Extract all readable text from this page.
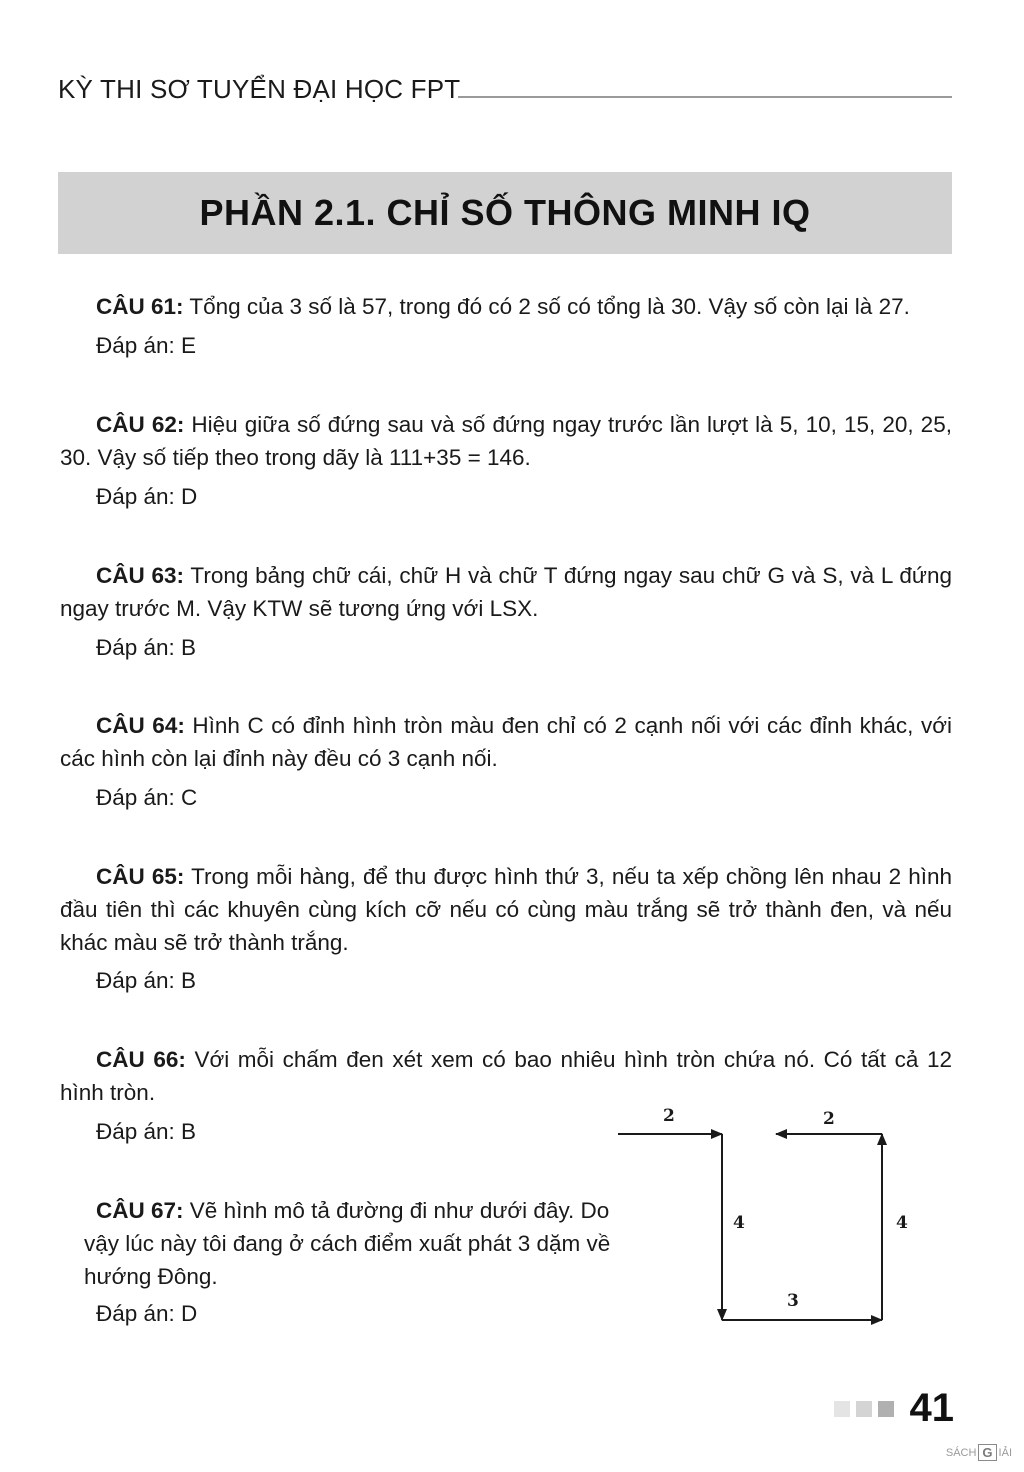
KỲ THI SƠ TUYỂN ĐẠI HỌC FPT
PHẦN 2.1. CHỈ SỐ THÔNG MINH IQ
CÂU 61: Tổng của 3 số là 57, trong đó có 2 số có tổng là 30. Vậy số còn lại là 27.
Đáp án: E
CÂU 62: Hiệu giữa số đứng sau và số đứng ngay trước lần lượt là 5, 10, 15, 20, 25, 30. Vậy số tiếp theo trong dãy là 111+35 = 146.
Đáp án: D
CÂU 63: Trong bảng chữ cái, chữ H và chữ T đứng ngay sau chữ G và S, và L đứng ngay trước M. Vậy KTW sẽ tương ứng với LSX.
Đáp án: B
CÂU 64: Hình C có đỉnh hình tròn màu đen chỉ có 2 cạnh nối với các đỉnh khác, với các hình còn lại đỉnh này đều có 3 cạnh nối.
Đáp án: C
CÂU 65: Trong mỗi hàng, để thu được hình thứ 3, nếu ta xếp chồng lên nhau 2 hình đầu tiên thì các khuyên cùng kích cỡ nếu có cùng màu trắng sẽ trở thành đen, và nếu khác màu sẽ trở thành trắng.
Đáp án: B
CÂU 66: Với mỗi chấm đen xét xem có bao nhiêu hình tròn chứa nó. Có tất cả 12 hình tròn.
Đáp án: B
CÂU 67: Vẽ hình mô tả đường đi như dưới đây. Do vậy lúc này tôi đang ở cách điểm xuất phát 3 dặm về hướng Đông.
Đáp án: D
2	2
4	4
3
41
SÁCH G IẢI
